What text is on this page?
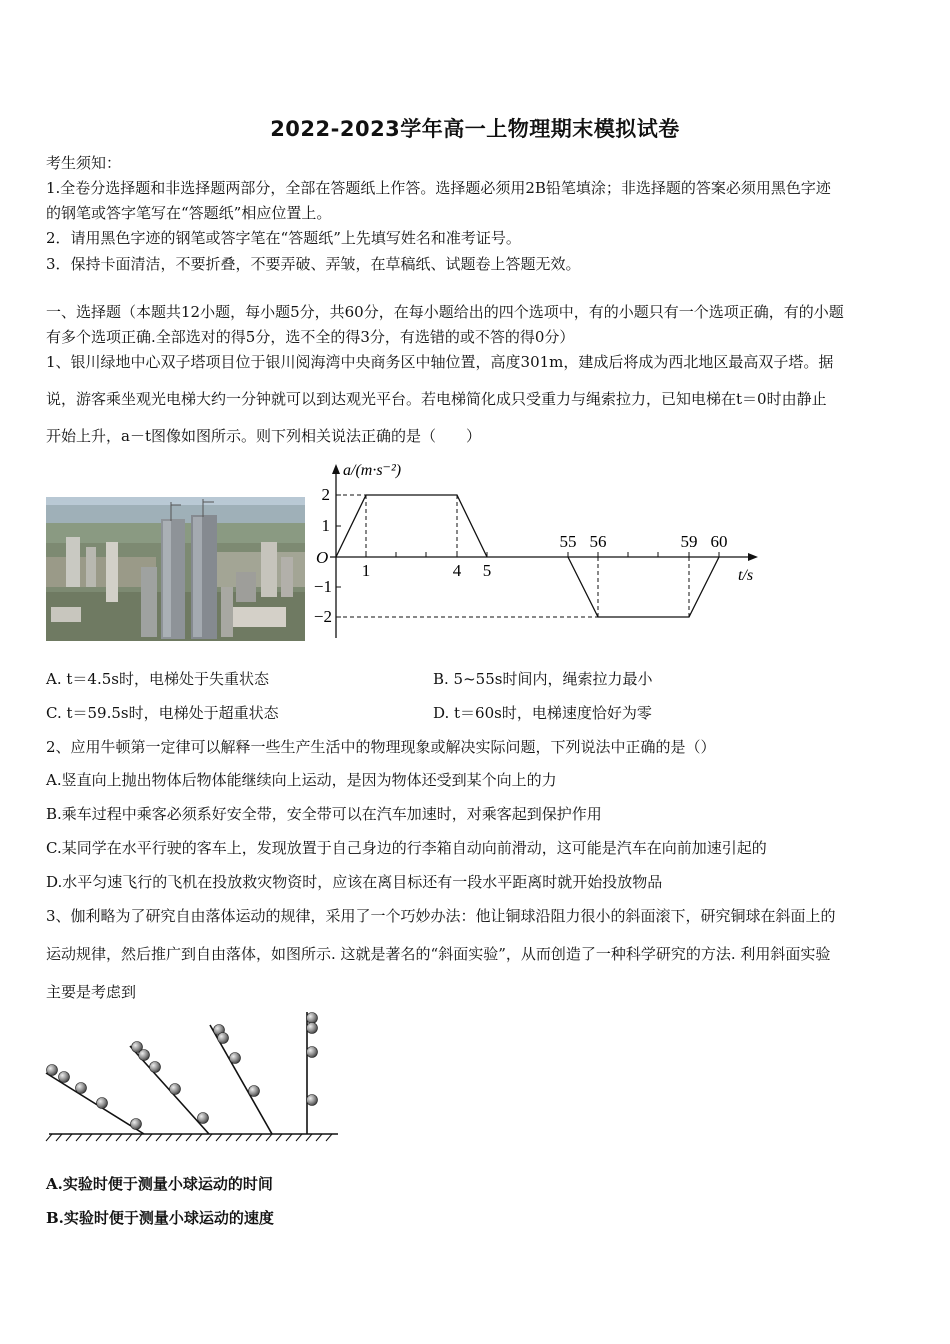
2022-2023学年高一上物理期末模拟试卷
考生须知：
1.全卷分选择题和非选择题两部分，全部在答题纸上作答。选择题必须用2B铅笔填涂；非选择题的答案必须用黑色字迹
的钢笔或答字笔写在“答题纸”相应位置上。
2．请用黑色字迹的钢笔或答字笔在“答题纸”上先填写姓名和准考证号。
3．保持卡面清洁，不要折叠，不要弄破、弄皱，在草稿纸、试题卷上答题无效。
一、选择题（本题共12小题，每小题5分，共60分，在每小题给出的四个选项中，有的小题只有一个选项正确，有的小题
有多个选项正确.全部选对的得5分，选不全的得3分，有选错的或不答的得0分）
1、银川绿地中心双子塔项目位于银川阅海湾中央商务区中轴位置，高度301m，建成后将成为西北地区最高双子塔。据
说，游客乘坐观光电梯大约一分钟就可以到达观光平台。若电梯简化成只受重力与绳索拉力，已知电梯在t＝0时由静止
开始上升，a－t图像如图所示。则下列相关说法正确的是（　　）
a/(m·s⁻²)
t/s
O
2
1
−1
−2
1	4 5
55 56	59 60
A. t＝4.5s时，电梯处于失重状态	B. 5~55s时间内，绳索拉力最小
C. t＝59.5s时，电梯处于超重状态	D. t＝60s时，电梯速度恰好为零
2、应用牛顿第一定律可以解释一些生产生活中的物理现象或解决实际问题，下列说法中正确的是（）
A.竖直向上抛出物体后物体能继续向上运动，是因为物体还受到某个向上的力
B.乘车过程中乘客必须系好安全带，安全带可以在汽车加速时，对乘客起到保护作用
C.某同学在水平行驶的客车上，发现放置于自己身边的行李箱自动向前滑动，这可能是汽车在向前加速引起的
D.水平匀速飞行的飞机在投放救灾物资时，应该在离目标还有一段水平距离时就开始投放物品
3、伽利略为了研究自由落体运动的规律，采用了一个巧妙办法：他让铜球沿阻力很小的斜面滚下，研究铜球在斜面上的
运动规律，然后推广到自由落体，如图所示. 这就是著名的“斜面实验”，从而创造了一种科学研究的方法. 利用斜面实验
主要是考虑到
A.实验时便于测量小球运动的时间
B.实验时便于测量小球运动的速度
